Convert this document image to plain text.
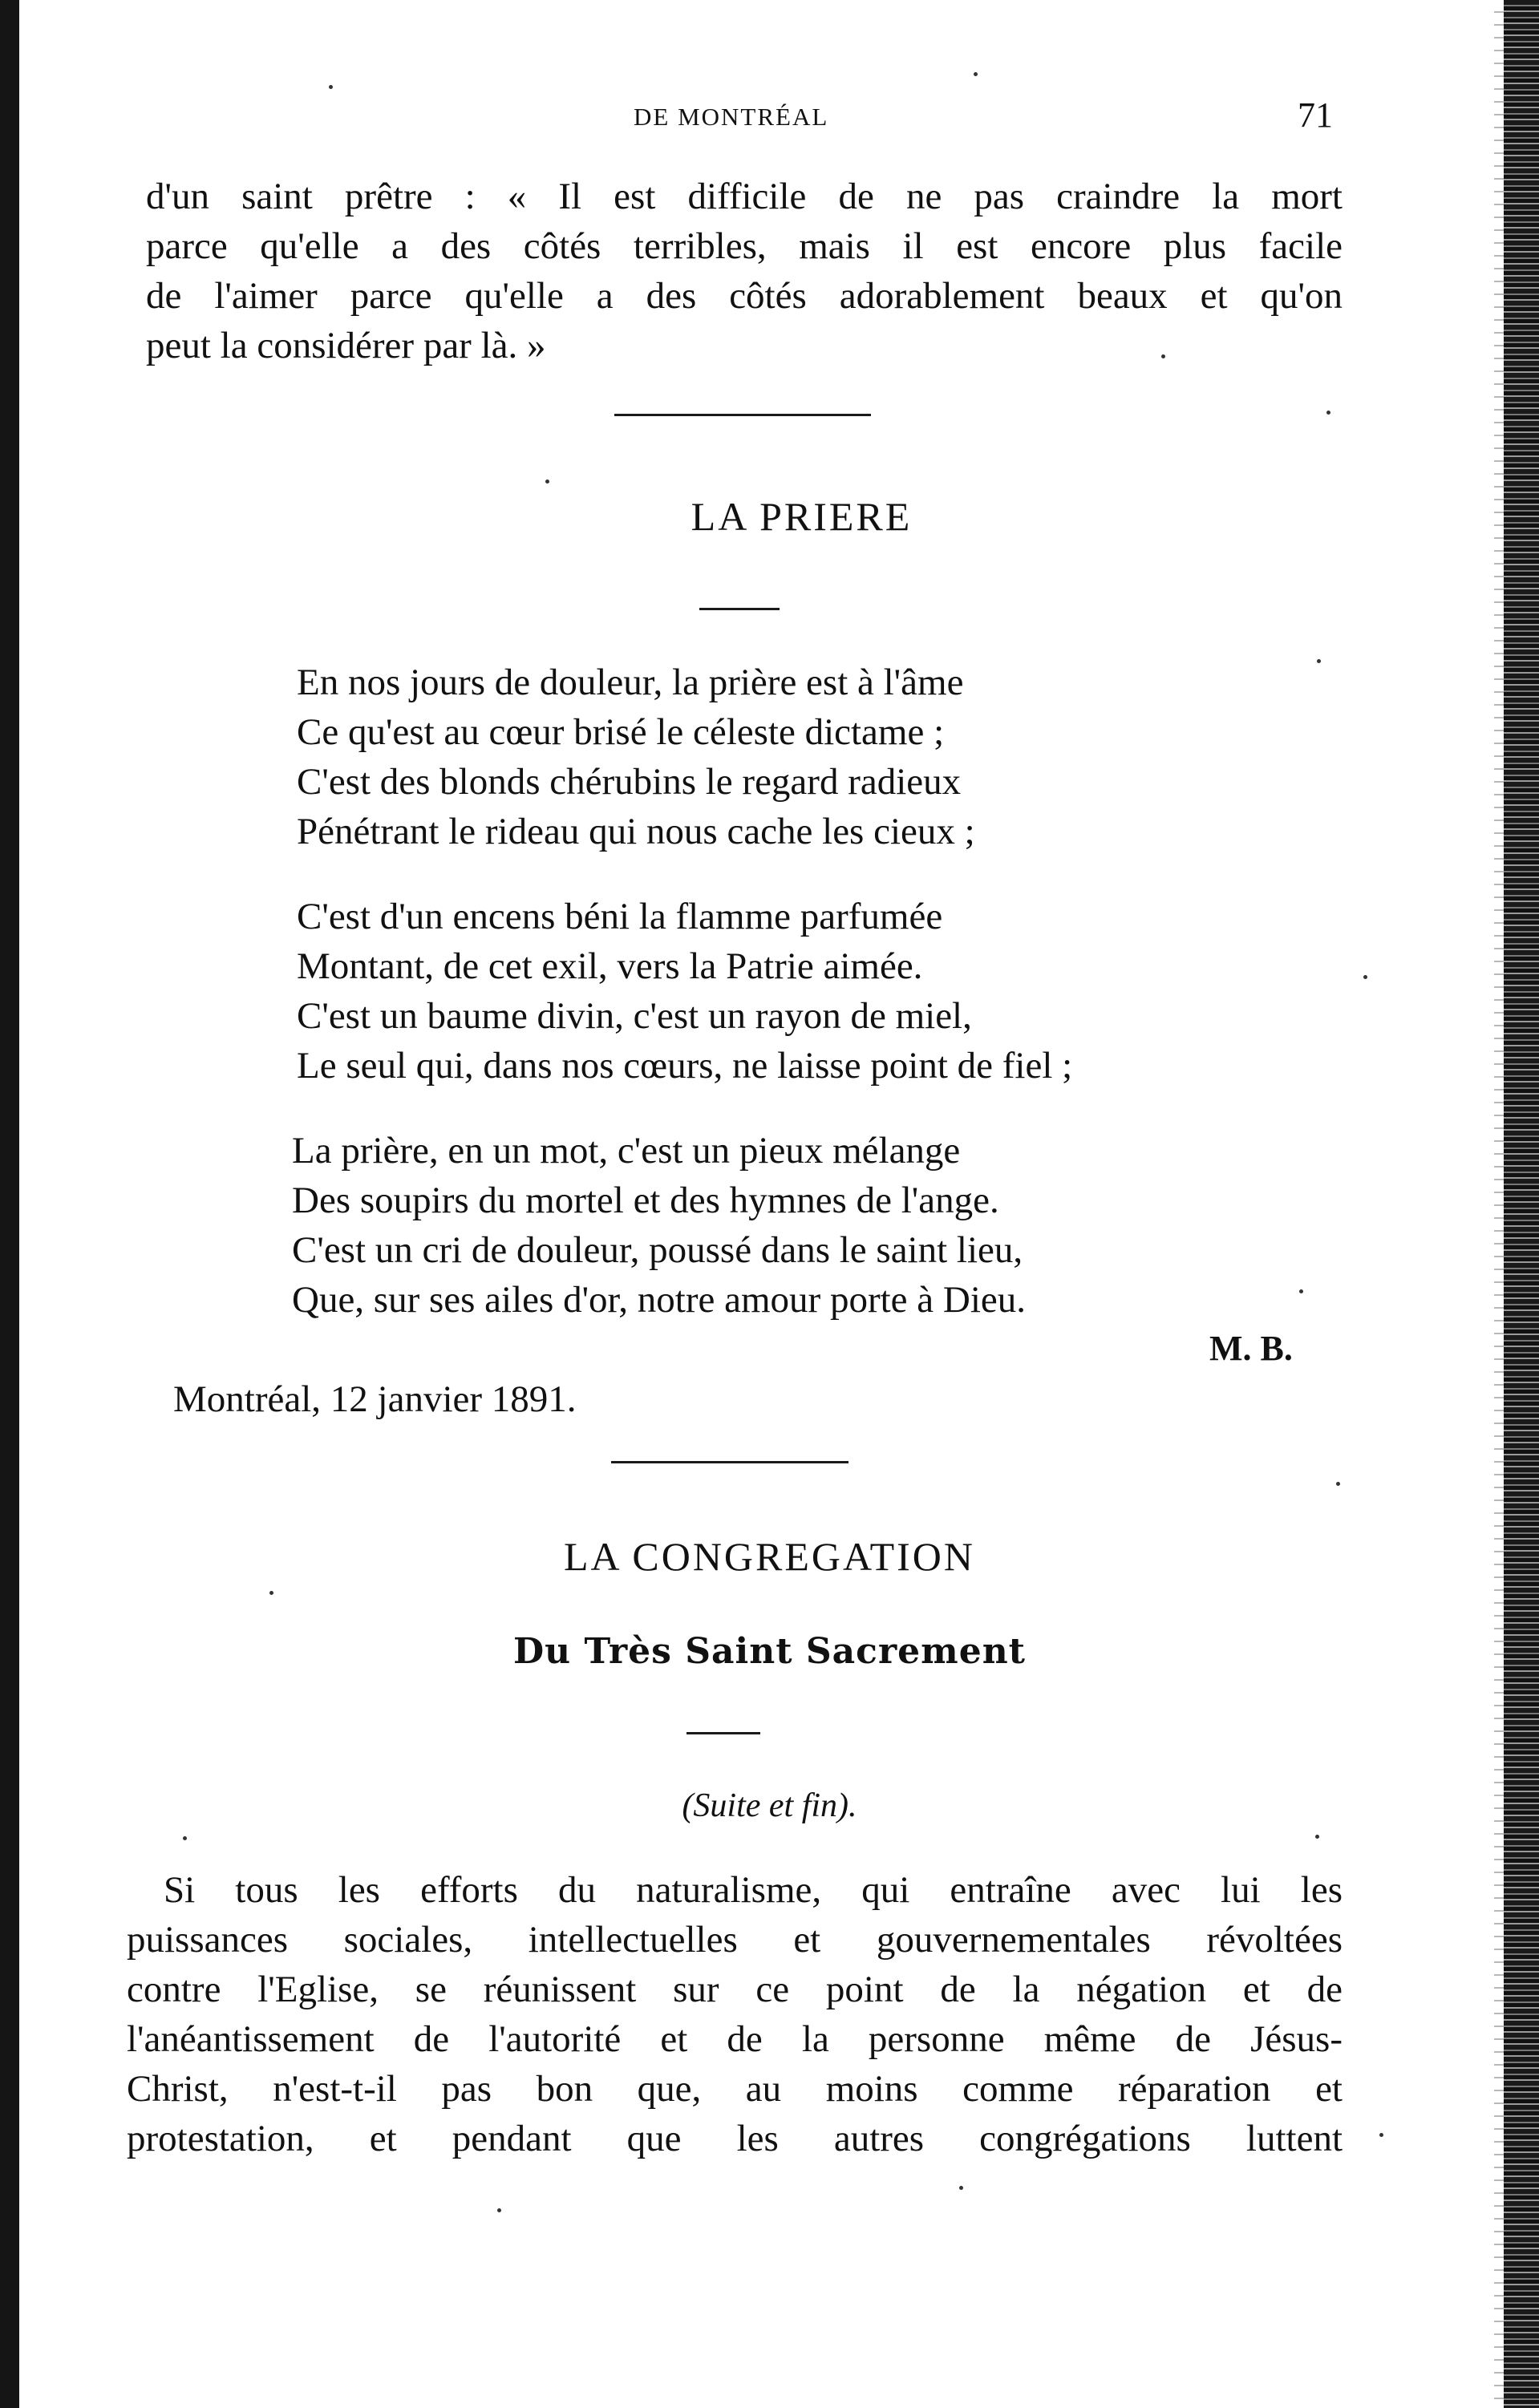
DE MONTRÉAL	71
d'un saint prêtre : « Il est difficile de ne pas craindre la mort
parce qu'elle a des côtés terribles, mais il est encore plus facile
de l'aimer parce qu'elle a des côtés adorablement beaux et qu'on
peut la considérer par là. »
LA PRIERE
En nos jours de douleur, la prière est à l'âme
Ce qu'est au cœur brisé le céleste dictame ;
C'est des blonds chérubins le regard radieux
Pénétrant le rideau qui nous cache les cieux ;
C'est d'un encens béni la flamme parfumée
Montant, de cet exil, vers la Patrie aimée.
C'est un baume divin, c'est un rayon de miel,
Le seul qui, dans nos cœurs, ne laisse point de fiel ;
La prière, en un mot, c'est un pieux mélange
Des soupirs du mortel et des hymnes de l'ange.
C'est un cri de douleur, poussé dans le saint lieu,
Que, sur ses ailes d'or, notre amour porte à Dieu.
M. B.
Montréal, 12 janvier 1891.
LA CONGREGATION
Du Très Saint Sacrement
(Suite et fin).
Si tous les efforts du naturalisme, qui entraîne avec lui les
puissances sociales, intellectuelles et gouvernementales révoltées
contre l'Eglise, se réunissent sur ce point de la négation et de
l'anéantissement de l'autorité et de la personne même de Jésus-
Christ, n'est-t-il pas bon que, au moins comme réparation et
protestation, et pendant que les autres congrégations luttent
